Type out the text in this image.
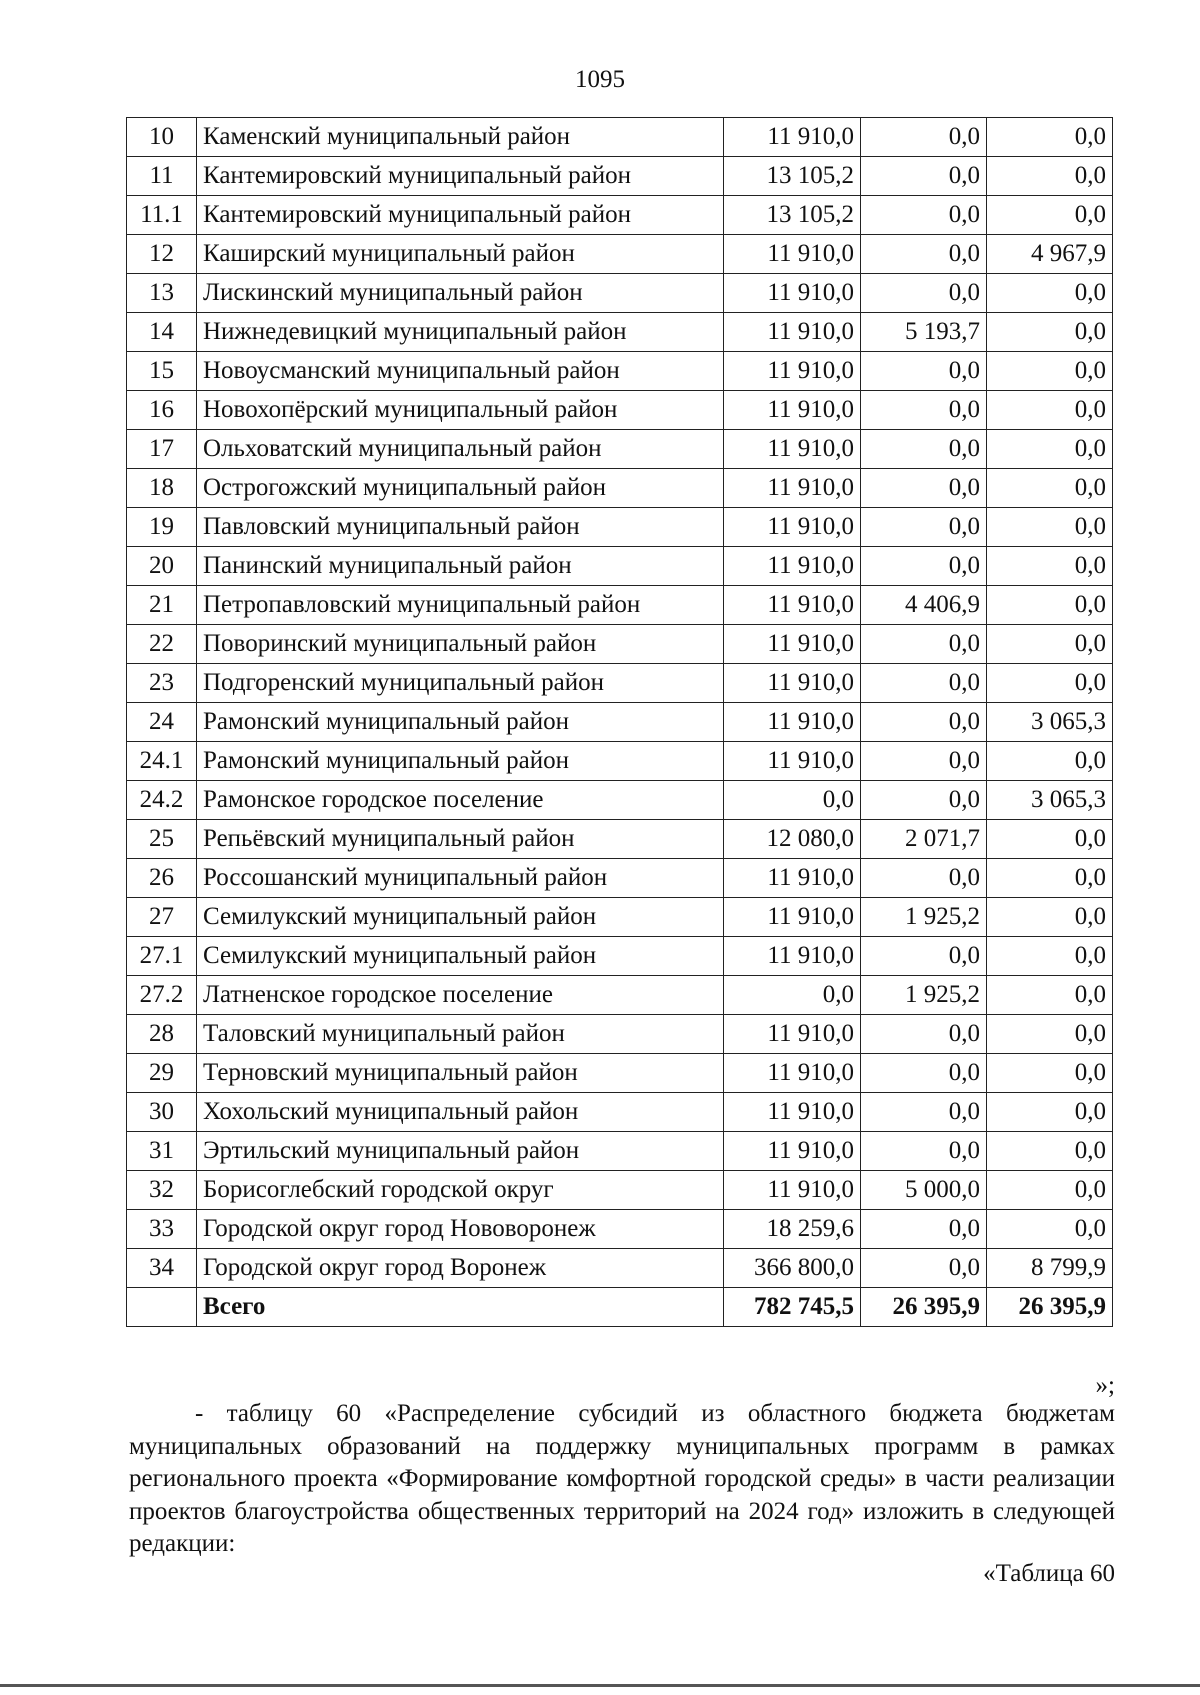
1095
10	Каменский муниципальный район	11 910,0	0,0	0,0
11	Кантемировский муниципальный район	13 105,2	0,0	0,0
11.1	Кантемировский муниципальный район	13 105,2	0,0	0,0
12	Каширский муниципальный район	11 910,0	0,0	4 967,9
13	Лискинский муниципальный район	11 910,0	0,0	0,0
14	Нижнедевицкий муниципальный район	11 910,0	5 193,7	0,0
15	Новоусманский муниципальный район	11 910,0	0,0	0,0
16	Новохопёрский муниципальный район	11 910,0	0,0	0,0
17	Ольховатский муниципальный район	11 910,0	0,0	0,0
18	Острогожский муниципальный район	11 910,0	0,0	0,0
19	Павловский муниципальный район	11 910,0	0,0	0,0
20	Панинский муниципальный район	11 910,0	0,0	0,0
21	Петропавловский муниципальный район	11 910,0	4 406,9	0,0
22	Поворинский муниципальный район	11 910,0	0,0	0,0
23	Подгоренский муниципальный район	11 910,0	0,0	0,0
24	Рамонский муниципальный район	11 910,0	0,0	3 065,3
24.1	Рамонский муниципальный район	11 910,0	0,0	0,0
24.2	Рамонское городское поселение	0,0	0,0	3 065,3
25	Репьёвский муниципальный район	12 080,0	2 071,7	0,0
26	Россошанский муниципальный район	11 910,0	0,0	0,0
27	Семилукский муниципальный район	11 910,0	1 925,2	0,0
27.1	Семилукский муниципальный район	11 910,0	0,0	0,0
27.2	Латненское городское поселение	0,0	1 925,2	0,0
28	Таловский муниципальный район	11 910,0	0,0	0,0
29	Терновский муниципальный район	11 910,0	0,0	0,0
30	Хохольский муниципальный район	11 910,0	0,0	0,0
31	Эртильский муниципальный район	11 910,0	0,0	0,0
32	Борисоглебский городской округ	11 910,0	5 000,0	0,0
33	Городской округ город Нововоронеж	18 259,6	0,0	0,0
34	Городской округ город Воронеж	366 800,0	0,0	8 799,9
	Всего	782 745,5	26 395,9	26 395,9
»;
- таблицу 60 «Распределение субсидий из областного бюджета бюджетам муниципальных образований на поддержку муниципальных программ в рамках регионального проекта «Формирование комфортной городской среды» в части реализации проектов благоустройства общественных территорий на 2024 год» изложить в следующей редакции:
«Таблица 60
